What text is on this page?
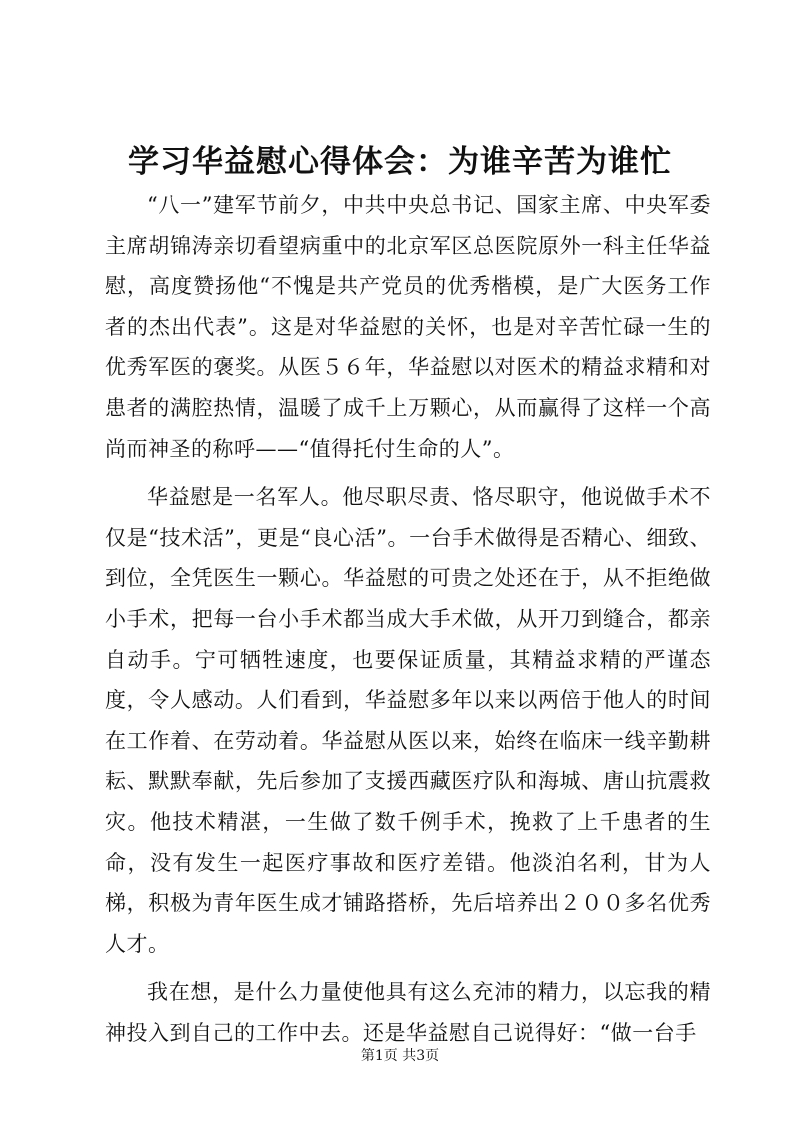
学习华益慰心得体会：为谁辛苦为谁忙

“八一”建军节前夕，中共中央总书记、国家主席、中央军委主席胡锦涛亲切看望病重中的北京军区总医院原外一科主任华益慰，高度赞扬他“不愧是共产党员的优秀楷模，是广大医务工作者的杰出代表”。这是对华益慰的关怀，也是对辛苦忙碌一生的优秀军医的褒奖。从医５６年，华益慰以对医术的精益求精和对患者的满腔热情，温暖了成千上万颗心，从而赢得了这样一个高尚而神圣的称呼——“值得托付生命的人”。

华益慰是一名军人。他尽职尽责、恪尽职守，他说做手术不仅是“技术活”，更是“良心活”。一台手术做得是否精心、细致、到位，全凭医生一颗心。华益慰的可贵之处还在于，从不拒绝做小手术，把每一台小手术都当成大手术做，从开刀到缝合，都亲自动手。宁可牺牲速度，也要保证质量，其精益求精的严谨态度，令人感动。人们看到，华益慰多年以来以两倍于他人的时间在工作着、在劳动着。华益慰从医以来，始终在临床一线辛勤耕耘、默默奉献，先后参加了支援西藏医疗队和海城、唐山抗震救灾。他技术精湛，一生做了数千例手术，挽救了上千患者的生命，没有发生一起医疗事故和医疗差错。他淡泊名利，甘为人梯，积极为青年医生成才铺路搭桥，先后培养出２００多名优秀人才。

我在想，是什么力量使他具有这么充沛的精力，以忘我的精神投入到自己的工作中去。还是华益慰自己说得好：“做一台手

第1页 共3页
